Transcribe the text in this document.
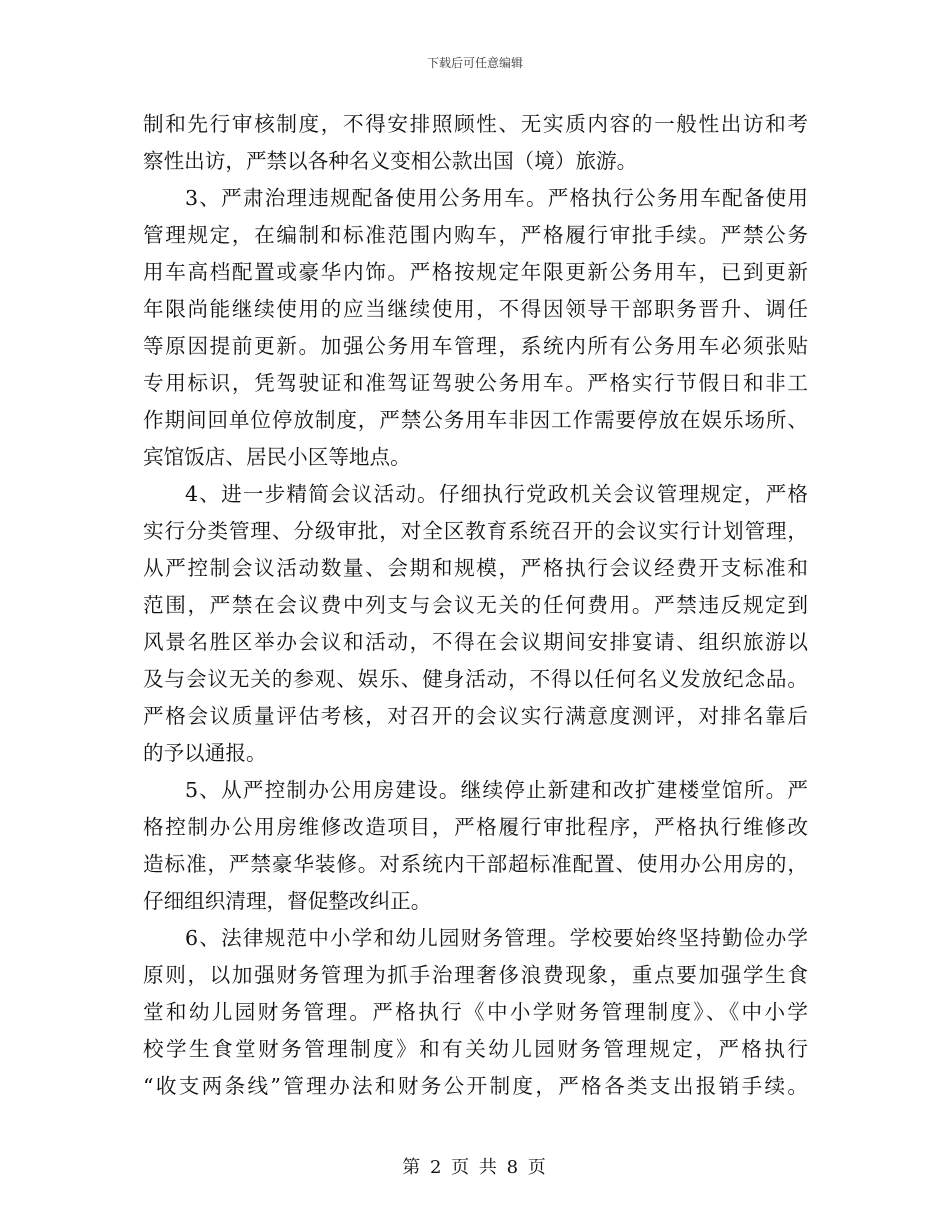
下载后可任意编辑
制和先行审核制度，不得安排照顾性、无实质内容的一般性出访和考
察性出访，严禁以各种名义变相公款出国（境）旅游。
3、严肃治理违规配备使用公务用车。严格执行公务用车配备使用
管理规定，在编制和标准范围内购车，严格履行审批手续。严禁公务
用车高档配置或豪华内饰。严格按规定年限更新公务用车，已到更新
年限尚能继续使用的应当继续使用，不得因领导干部职务晋升、调任
等原因提前更新。加强公务用车管理，系统内所有公务用车必须张贴
专用标识，凭驾驶证和准驾证驾驶公务用车。严格实行节假日和非工
作期间回单位停放制度，严禁公务用车非因工作需要停放在娱乐场所、
宾馆饭店、居民小区等地点。
4、进一步精简会议活动。仔细执行党政机关会议管理规定，严格
实行分类管理、分级审批，对全区教育系统召开的会议实行计划管理，
从严控制会议活动数量、会期和规模，严格执行会议经费开支标准和
范围，严禁在会议费中列支与会议无关的任何费用。严禁违反规定到
风景名胜区举办会议和活动，不得在会议期间安排宴请、组织旅游以
及与会议无关的参观、娱乐、健身活动，不得以任何名义发放纪念品。
严格会议质量评估考核，对召开的会议实行满意度测评，对排名靠后
的予以通报。
5、从严控制办公用房建设。继续停止新建和改扩建楼堂馆所。严
格控制办公用房维修改造项目，严格履行审批程序，严格执行维修改
造标准，严禁豪华装修。对系统内干部超标准配置、使用办公用房的，
仔细组织清理，督促整改纠正。
6、法律规范中小学和幼儿园财务管理。学校要始终坚持勤俭办学
原则，以加强财务管理为抓手治理奢侈浪费现象，重点要加强学生食
堂和幼儿园财务管理。严格执行《中小学财务管理制度》、《中小学
校学生食堂财务管理制度》和有关幼儿园财务管理规定，严格执行
“收支两条线”管理办法和财务公开制度，严格各类支出报销手续。
第 2 页 共 8 页
